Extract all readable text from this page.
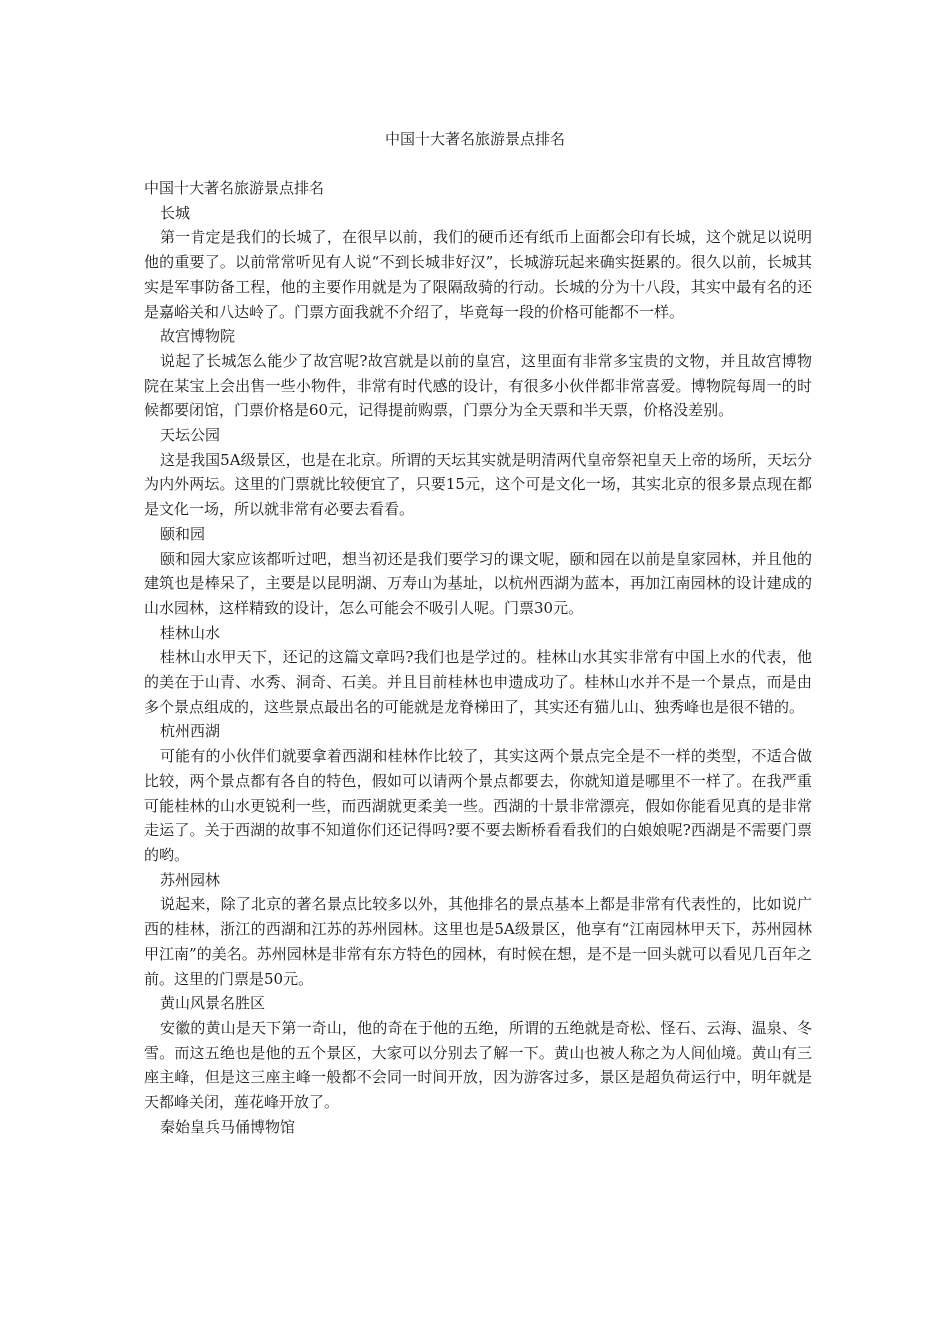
中国十大著名旅游景点排名

中国十大著名旅游景点排名

长城

第一肯定是我们的长城了，在很早以前，我们的硬币还有纸币上面都会印有长城，这个就足以说明他的重要了。以前常常听见有人说“不到长城非好汉”，长城游玩起来确实挺累的。很久以前，长城其实是军事防备工程，他的主要作用就是为了限隔敌骑的行动。长城的分为十八段，其实中最有名的还是嘉峪关和八达岭了。门票方面我就不介绍了，毕竟每一段的价格可能都不一样。

故宫博物院

说起了长城怎么能少了故宫呢?故宫就是以前的皇宫，这里面有非常多宝贵的文物，并且故宫博物院在某宝上会出售一些小物件，非常有时代感的设计，有很多小伙伴都非常喜爱。博物院每周一的时候都要闭馆，门票价格是60元，记得提前购票，门票分为全天票和半天票，价格没差别。

天坛公园

这是我国5A级景区，也是在北京。所谓的天坛其实就是明清两代皇帝祭祀皇天上帝的场所，天坛分为内外两坛。这里的门票就比较便宜了，只要15元，这个可是文化一场，其实北京的很多景点现在都是文化一场，所以就非常有必要去看看。

颐和园

颐和园大家应该都听过吧，想当初还是我们要学习的课文呢，颐和园在以前是皇家园林，并且他的建筑也是棒呆了，主要是以昆明湖、万寿山为基址，以杭州西湖为蓝本，再加江南园林的设计建成的山水园林，这样精致的设计，怎么可能会不吸引人呢。门票30元。

桂林山水

桂林山水甲天下，还记的这篇文章吗?我们也是学过的。桂林山水其实非常有中国上水的代表，他的美在于山青、水秀、洞奇、石美。并且目前桂林也申遗成功了。桂林山水并不是一个景点，而是由多个景点组成的，这些景点最出名的可能就是龙脊梯田了，其实还有猫儿山、独秀峰也是很不错的。

杭州西湖

可能有的小伙伴们就要拿着西湖和桂林作比较了，其实这两个景点完全是不一样的类型，不适合做比较，两个景点都有各自的特色，假如可以请两个景点都要去，你就知道是哪里不一样了。在我严重可能桂林的山水更锐利一些，而西湖就更柔美一些。西湖的十景非常漂亮，假如你能看见真的是非常走运了。关于西湖的故事不知道你们还记得吗?要不要去断桥看看我们的白娘娘呢?西湖是不需要门票的哟。

苏州园林

说起来，除了北京的著名景点比较多以外，其他排名的景点基本上都是非常有代表性的，比如说广西的桂林，浙江的西湖和江苏的苏州园林。这里也是5A级景区，他享有“江南园林甲天下，苏州园林甲江南”的美名。苏州园林是非常有东方特色的园林，有时候在想，是不是一回头就可以看见几百年之前。这里的门票是50元。

黄山风景名胜区

安徽的黄山是天下第一奇山，他的奇在于他的五绝，所谓的五绝就是奇松、怪石、云海、温泉、冬雪。而这五绝也是他的五个景区，大家可以分别去了解一下。黄山也被人称之为人间仙境。黄山有三座主峰，但是这三座主峰一般都不会同一时间开放，因为游客过多，景区是超负荷运行中，明年就是天都峰关闭，莲花峰开放了。

秦始皇兵马俑博物馆
